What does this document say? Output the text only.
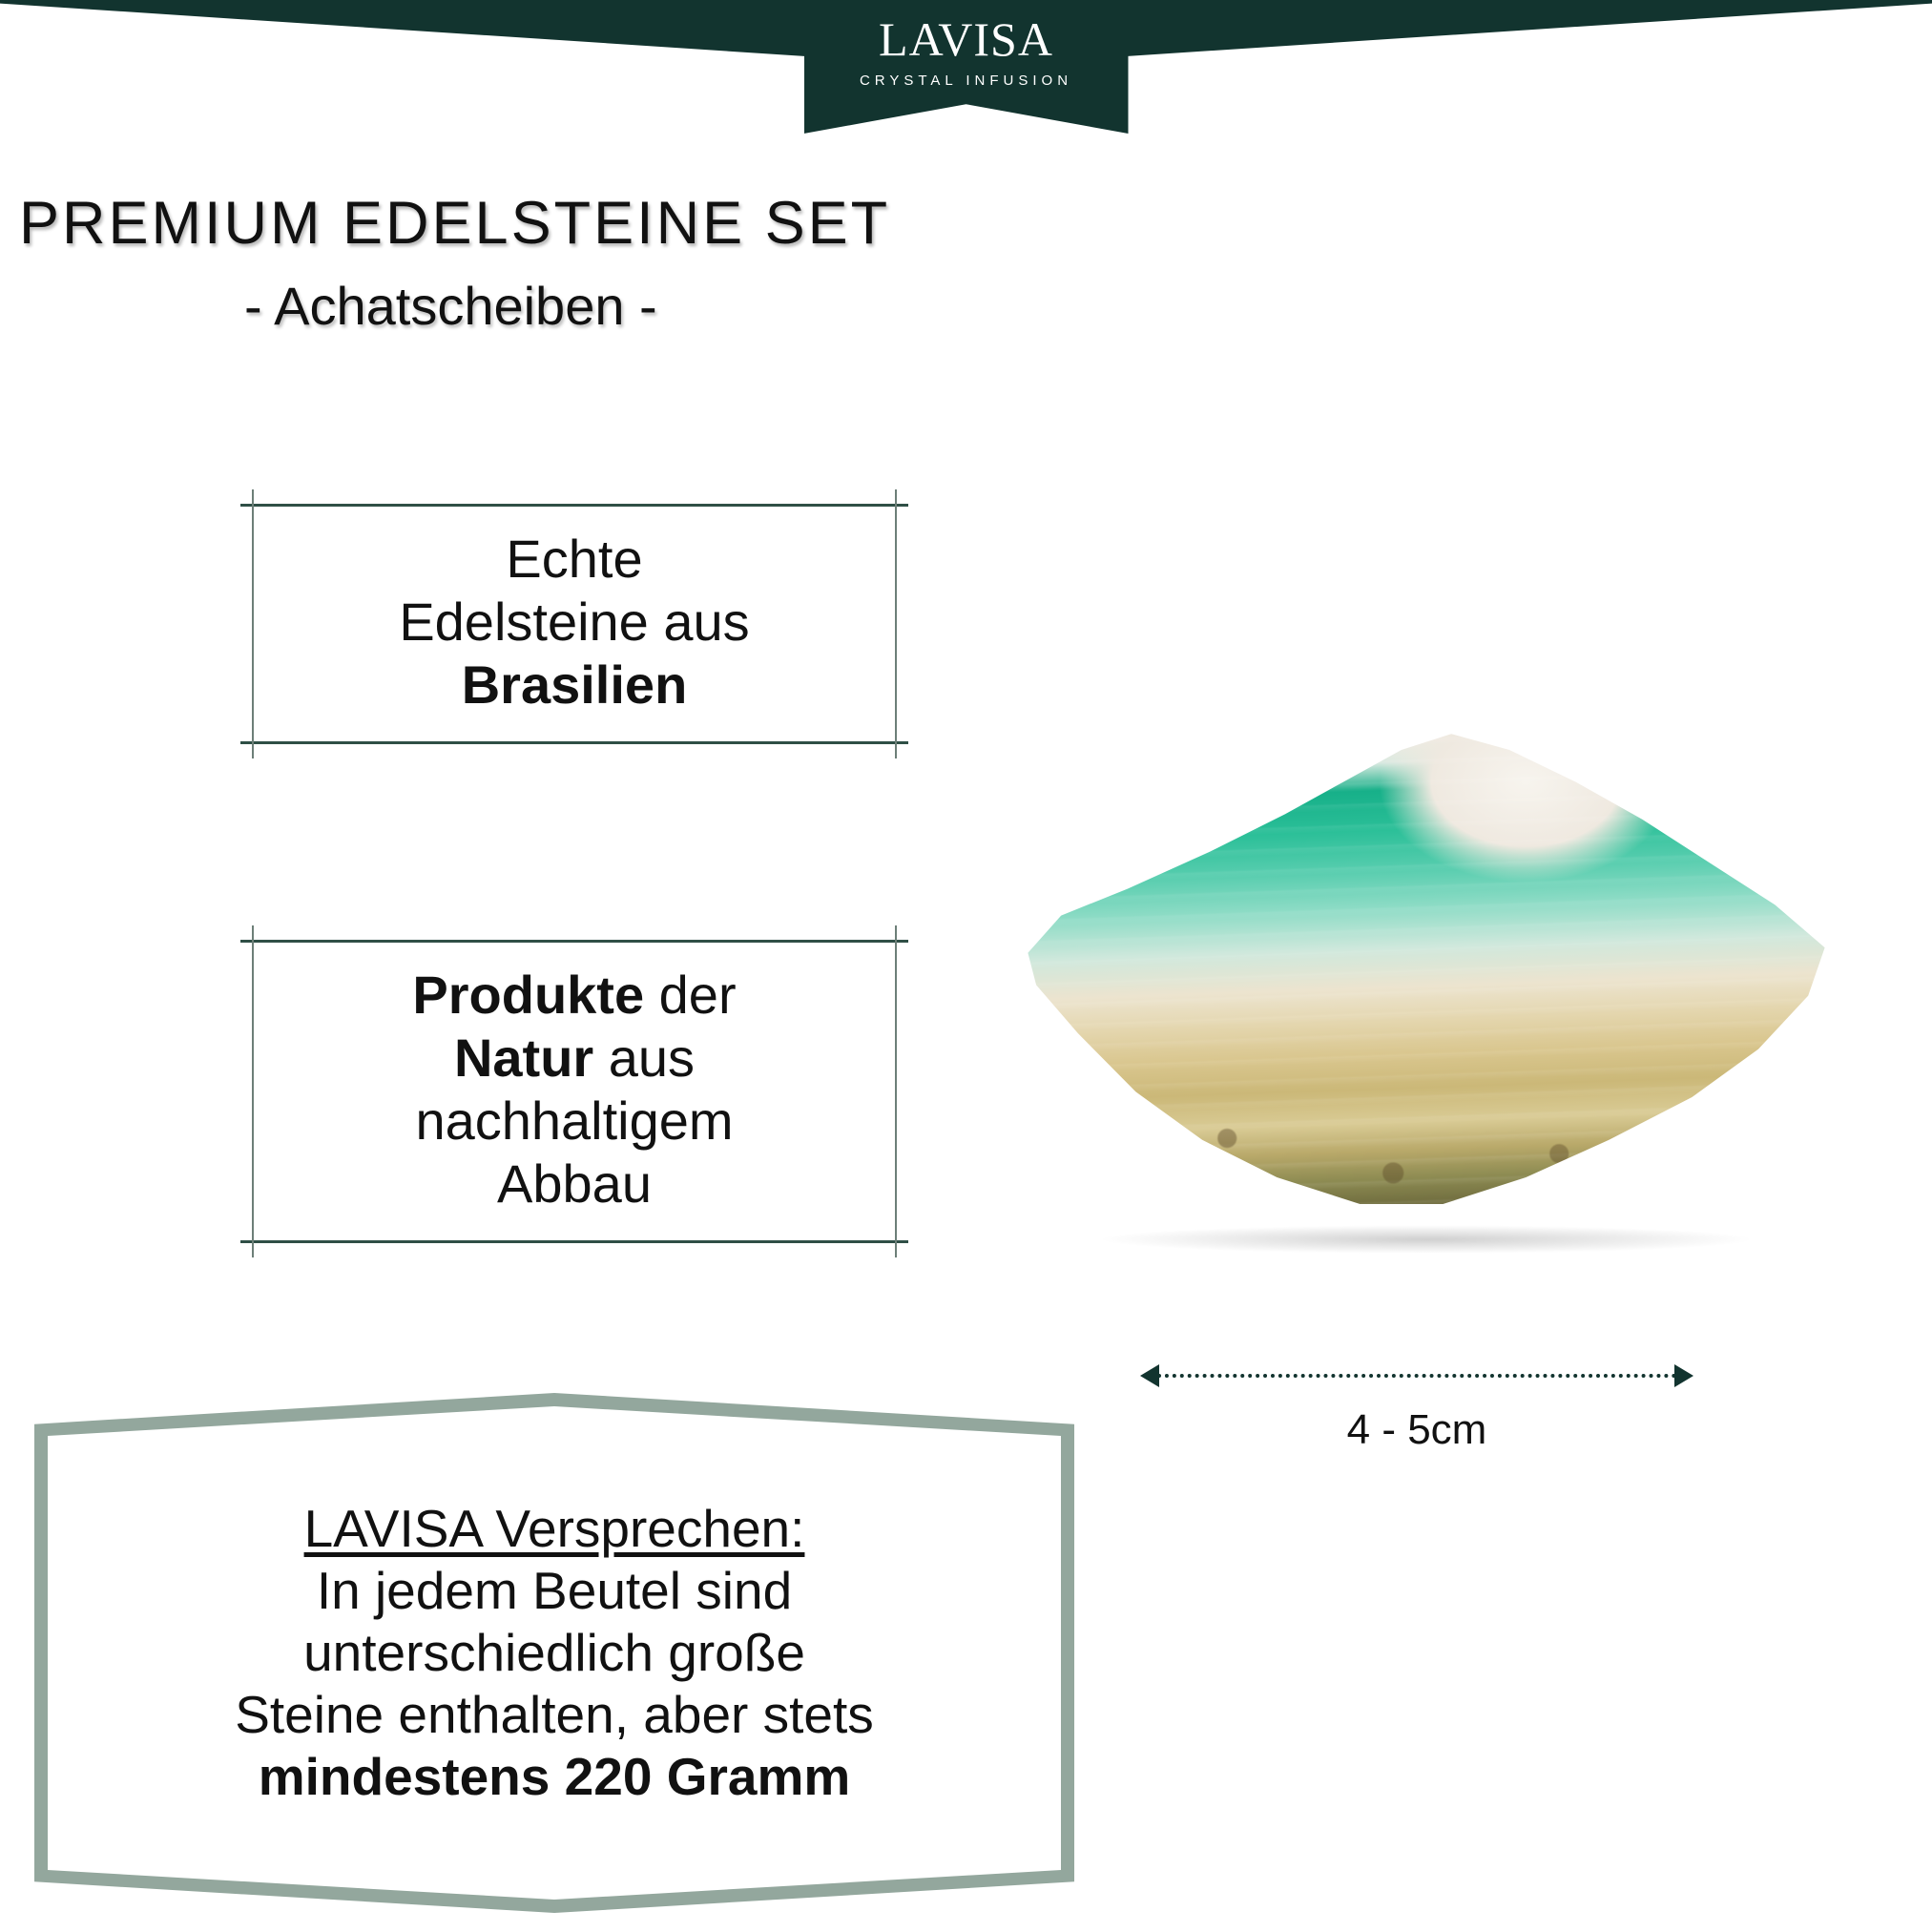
LAVISA
CRYSTAL INFUSION
PREMIUM EDELSTEINE SET
- Achatscheiben -
Echte
Edelsteine aus
Brasilien
Produkte der
Natur aus
nachhaltigem
Abbau
LAVISA Versprechen:
In jedem Beutel sind
unterschiedlich große
Steine enthalten, aber stets
mindestens 220 Gramm
4 - 5cm
